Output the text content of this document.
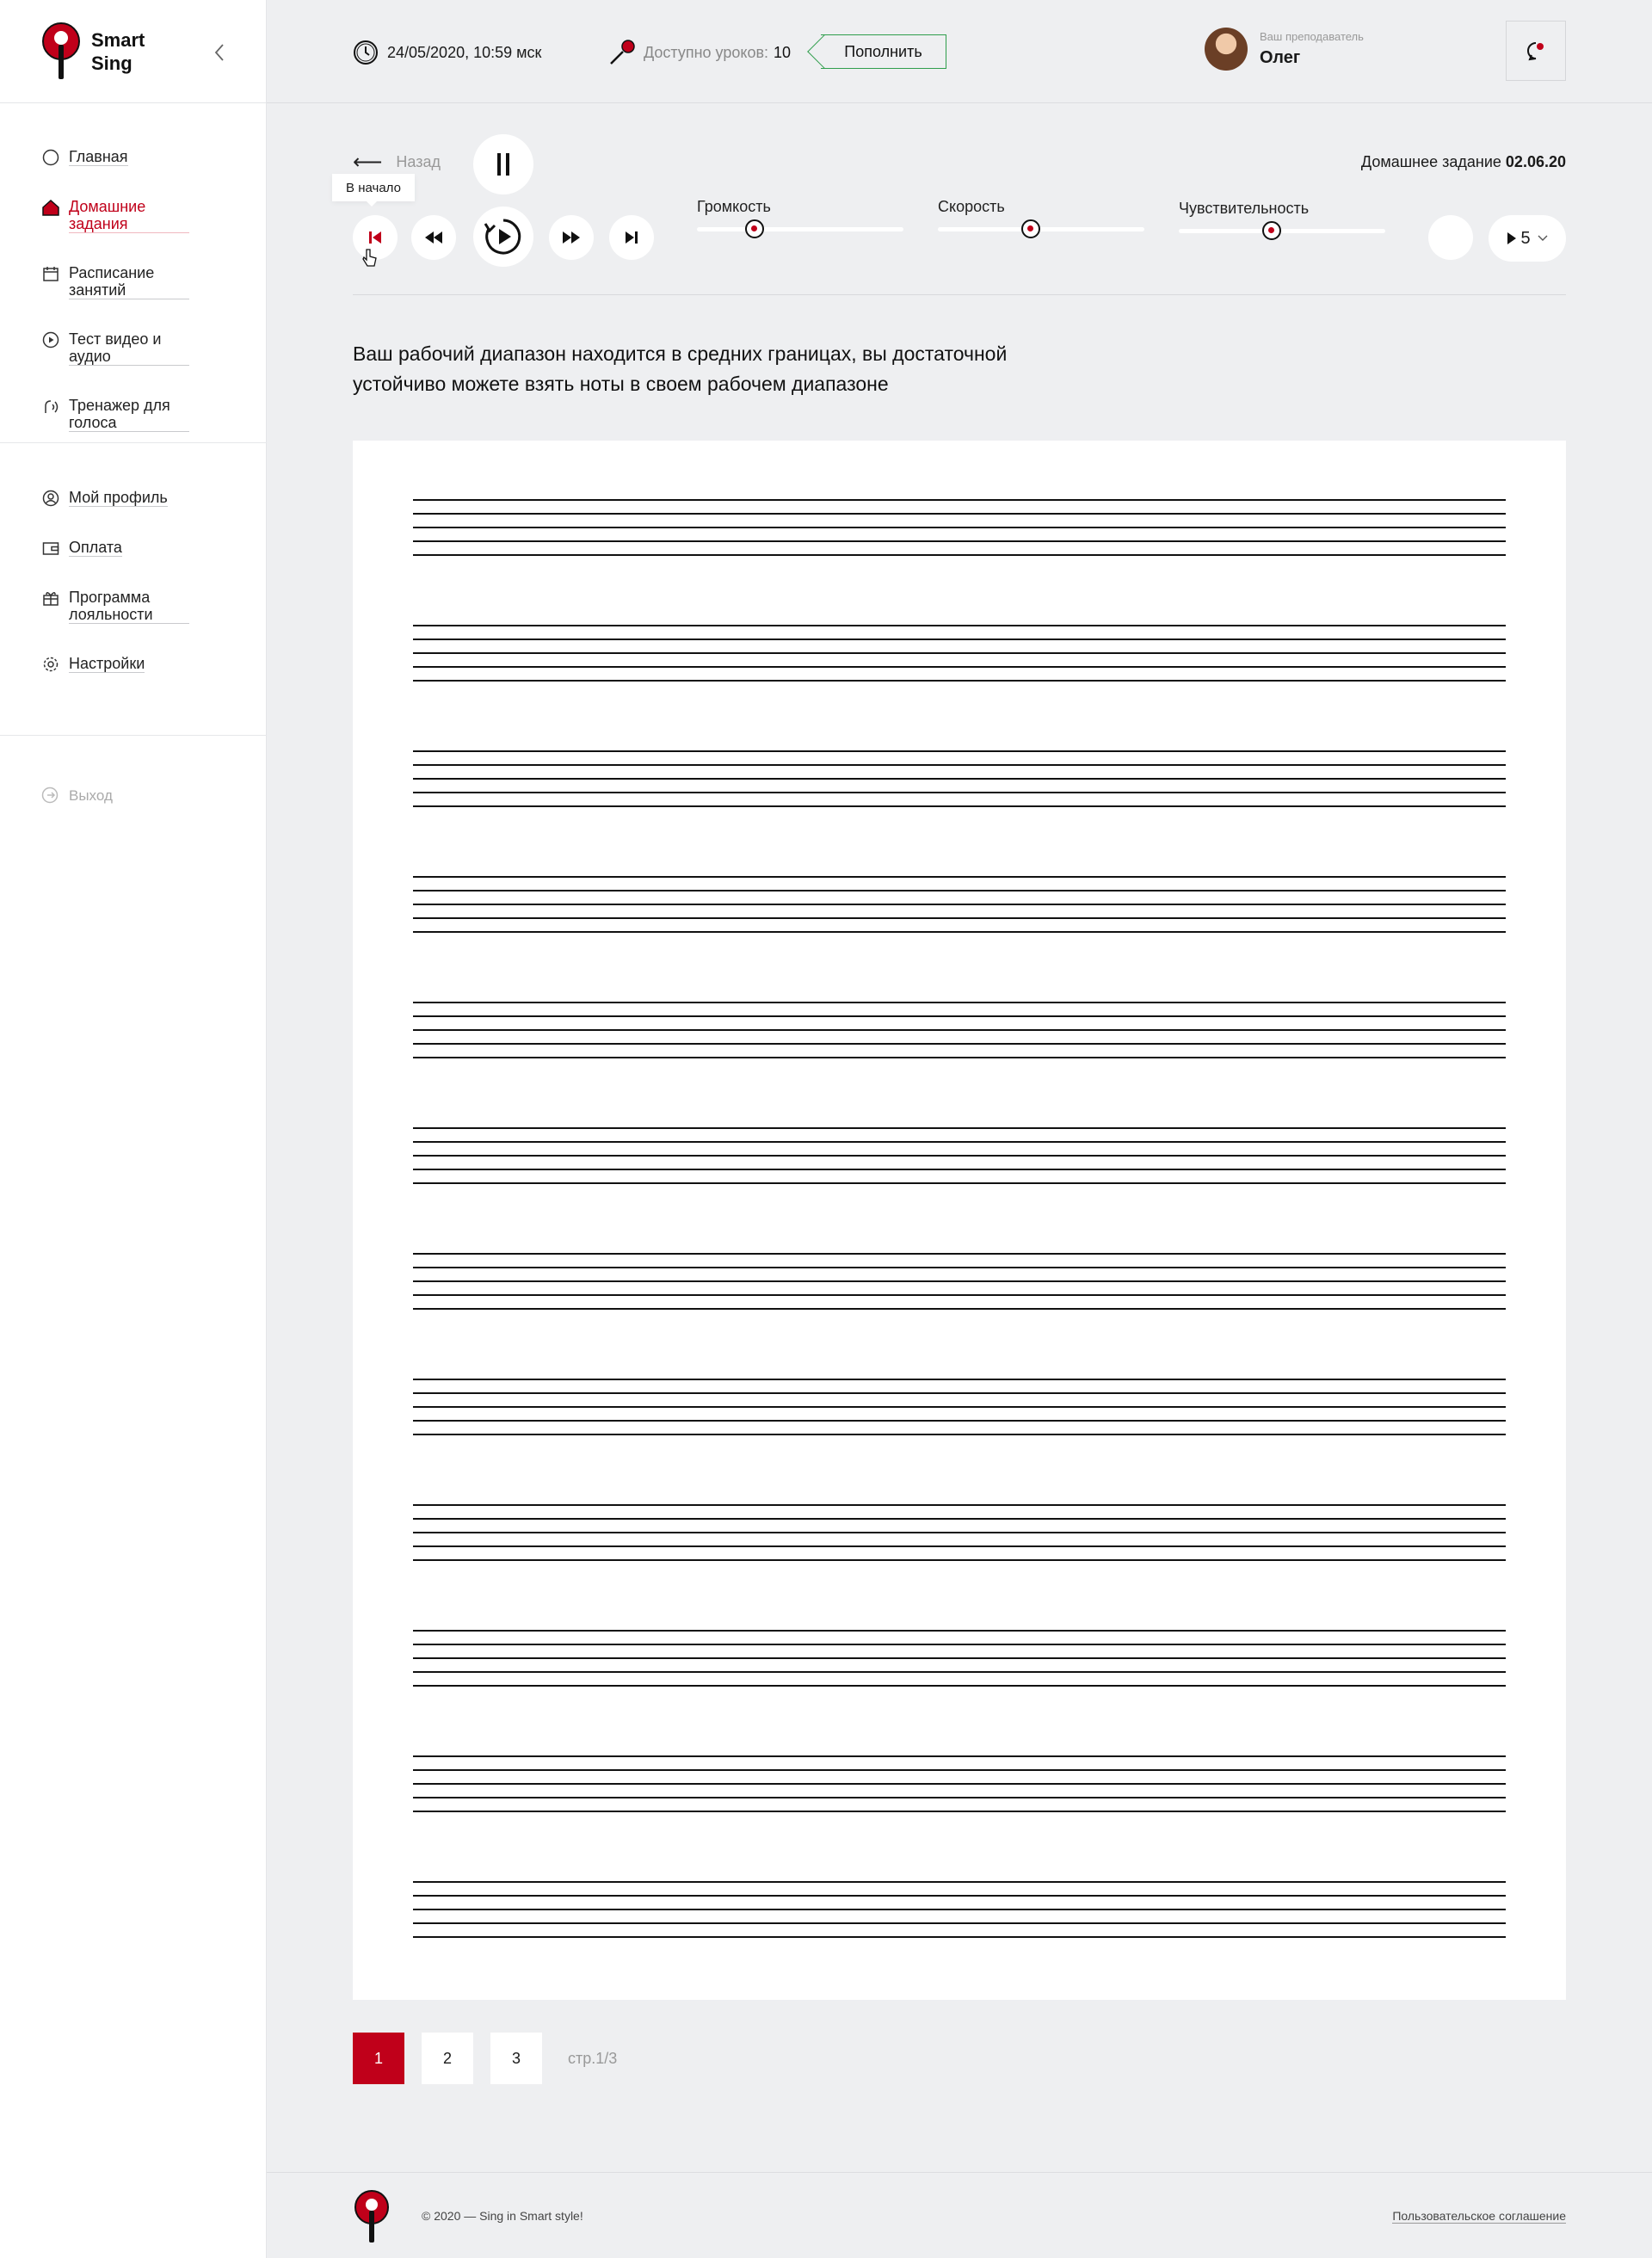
Smart
Sing
Главная
Домашние задания
Расписание занятий
Тест видео и аудио
Тренажер для голоса
Мой профиль
Оплата
Программа лояльности
Настройки
Выход
24/05/2020, 10:59 мск	Доступно уроков: 10	Пополнить
Ваш преподаватель
Олег
⟵ Назад	Домашнее задание 02.06.20
В начало
Громкость	Скорость	Чувствительность
5

Ваш рабочий диапазон находится в средних границах, вы достаточной устойчиво можете взять ноты в своем рабочем диапазоне

1	2	3	стр.1/3
© 2020 — Sing in Smart style!	Пользовательское соглашение
